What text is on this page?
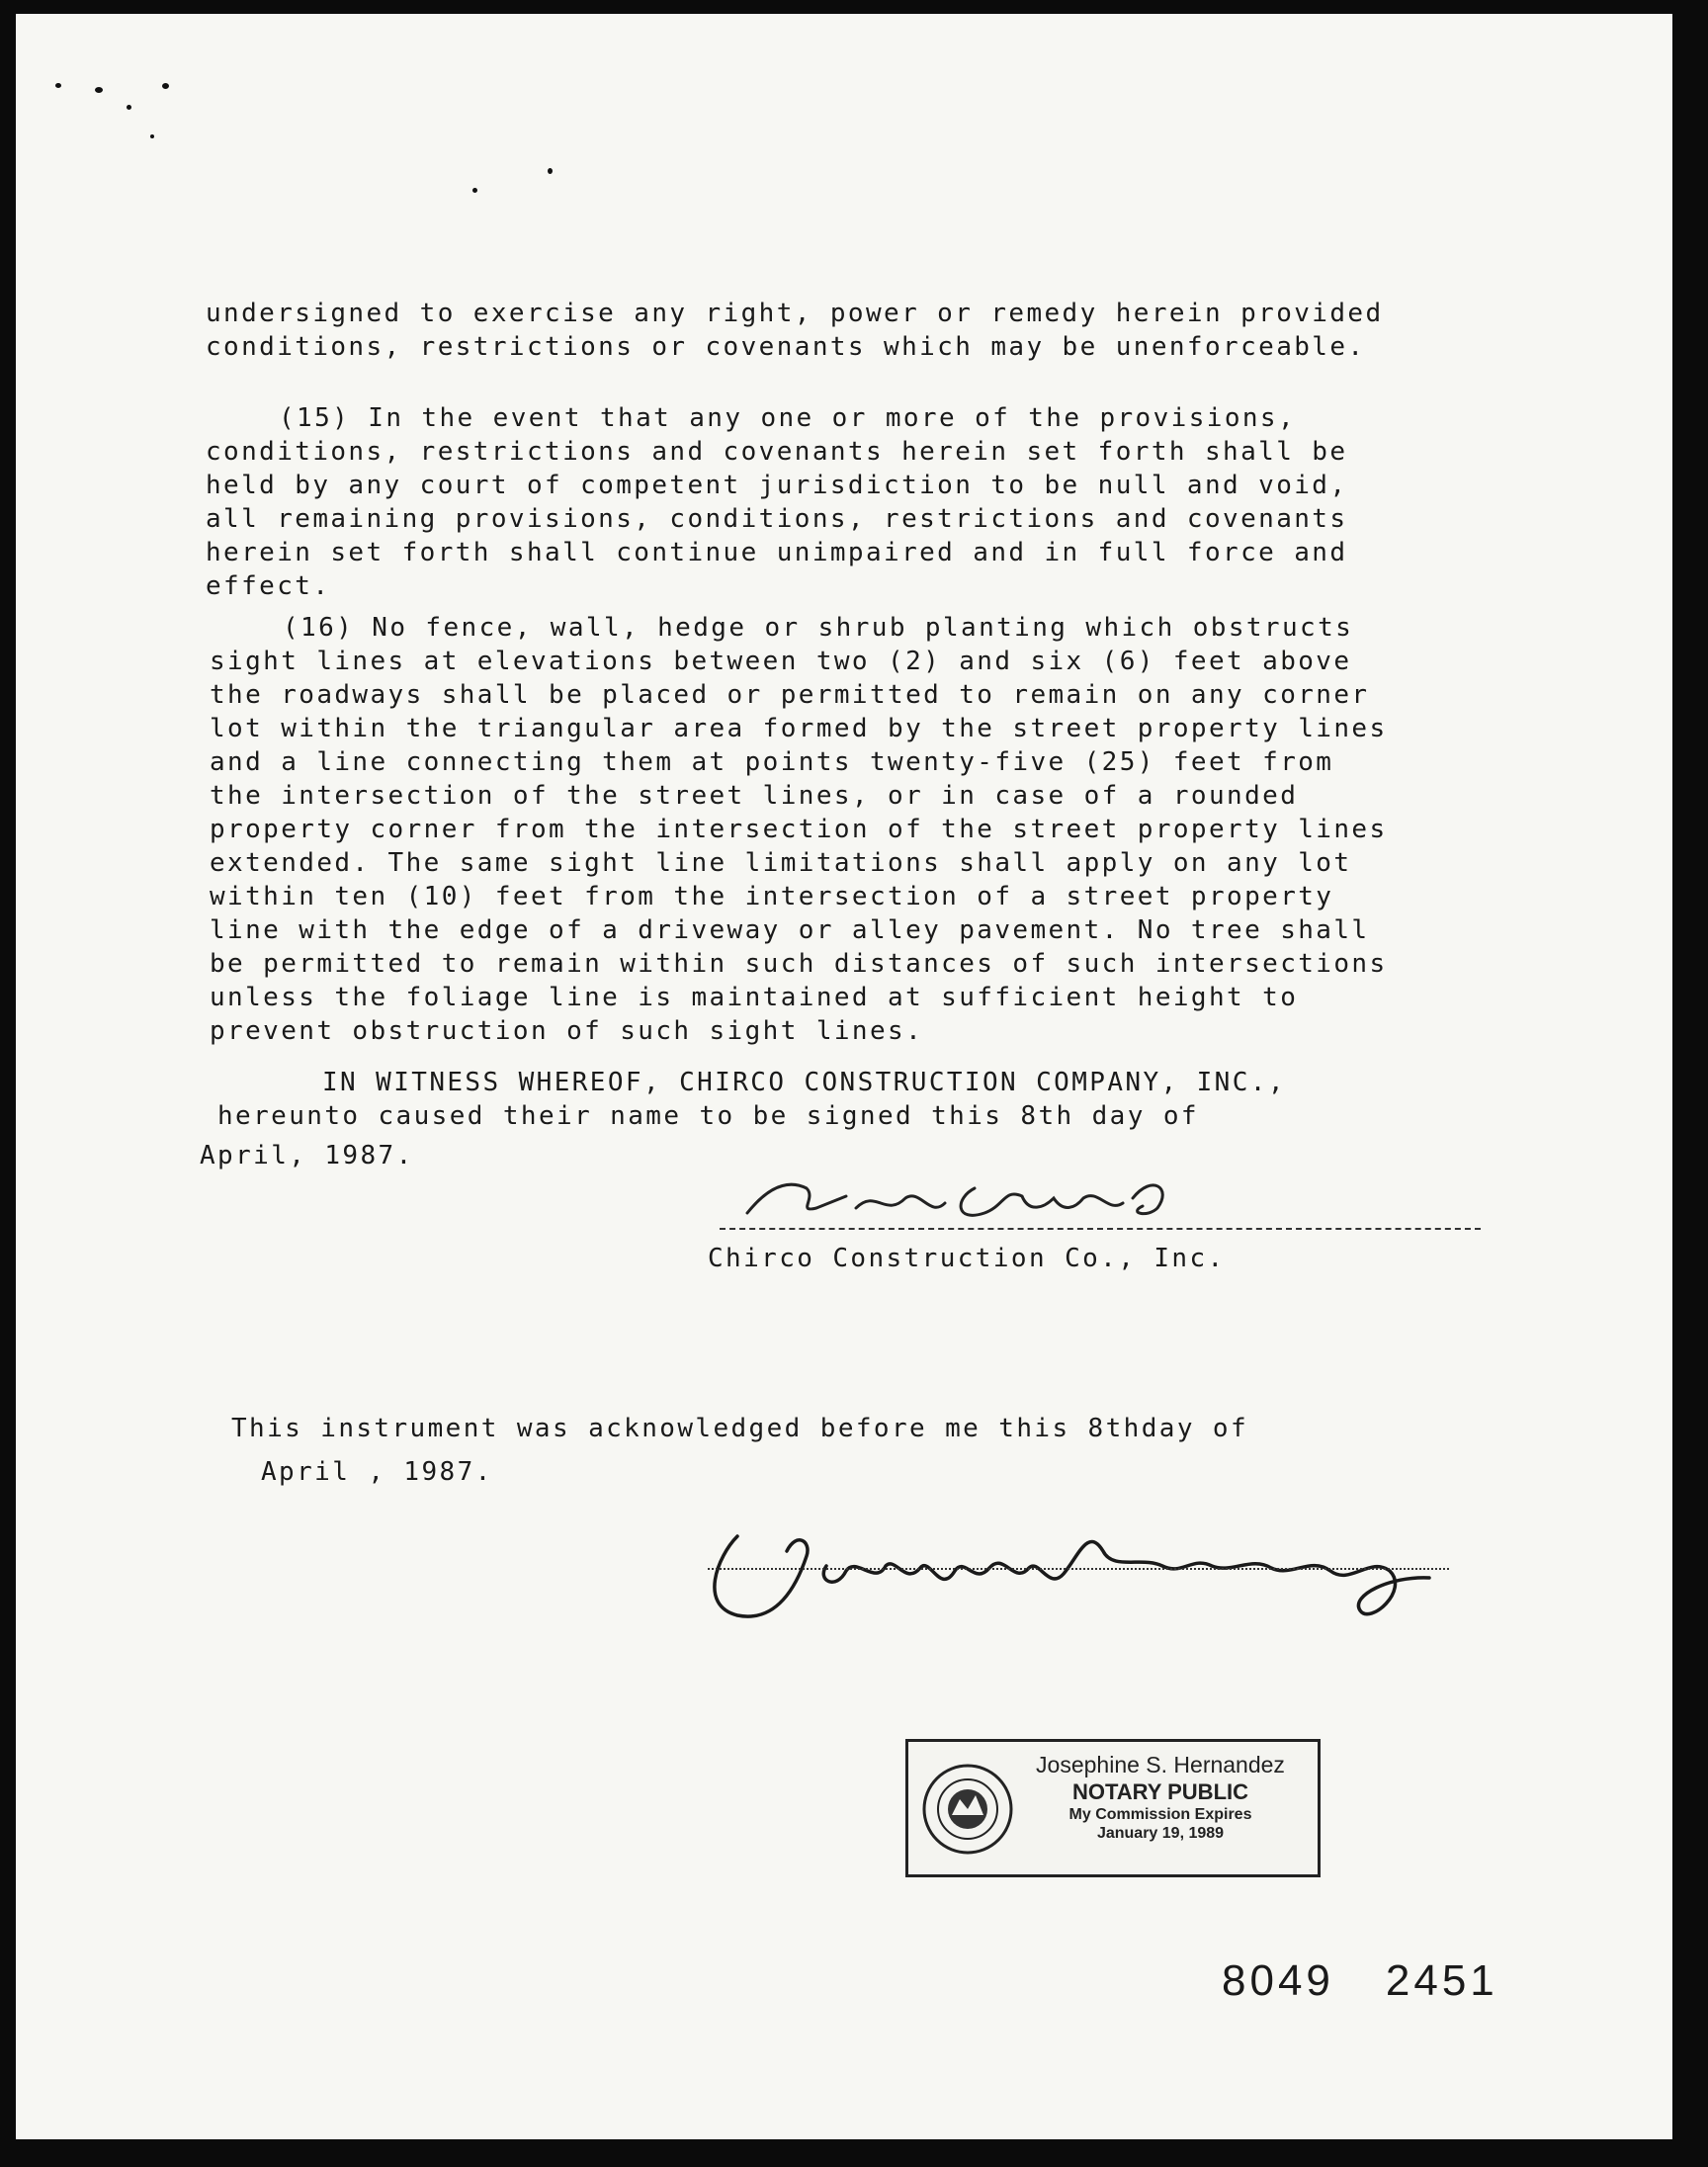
undersigned to exercise any right, power or remedy herein provided
conditions, restrictions or covenants which may be unenforceable.
(15) In the event that any one or more of the provisions,
conditions, restrictions and covenants herein set forth shall be
held by any court of competent jurisdiction to be null and void,
all remaining provisions, conditions, restrictions and covenants
herein set forth shall continue unimpaired and in full force and
effect.
(16) No fence, wall, hedge or shrub planting which obstructs
sight lines at elevations between two (2) and six (6) feet above
the roadways shall be placed or permitted to remain on any corner
lot within the triangular area formed by the street property lines
and a line connecting them at points twenty-five (25) feet from
the intersection of the street lines, or in case of a rounded
property corner from the intersection of the street property lines
extended. The same sight line limitations shall apply on any lot
within ten (10) feet from the intersection of a street property
line with the edge of a driveway or alley pavement. No tree shall
be permitted to remain within such distances of such intersections
unless the foliage line is maintained at sufficient height to
prevent obstruction of such sight lines.
IN WITNESS WHEREOF, CHIRCO CONSTRUCTION COMPANY, INC.,
hereunto caused their name to be signed this 8th day of

April, 1987.

Chirco Construction Co., Inc.

This instrument was acknowledged before me this 8thday of

April , 1987.

Josephine S. Hernandez
NOTARY PUBLIC
My Commission Expires
January 19, 1989
8049 2451
